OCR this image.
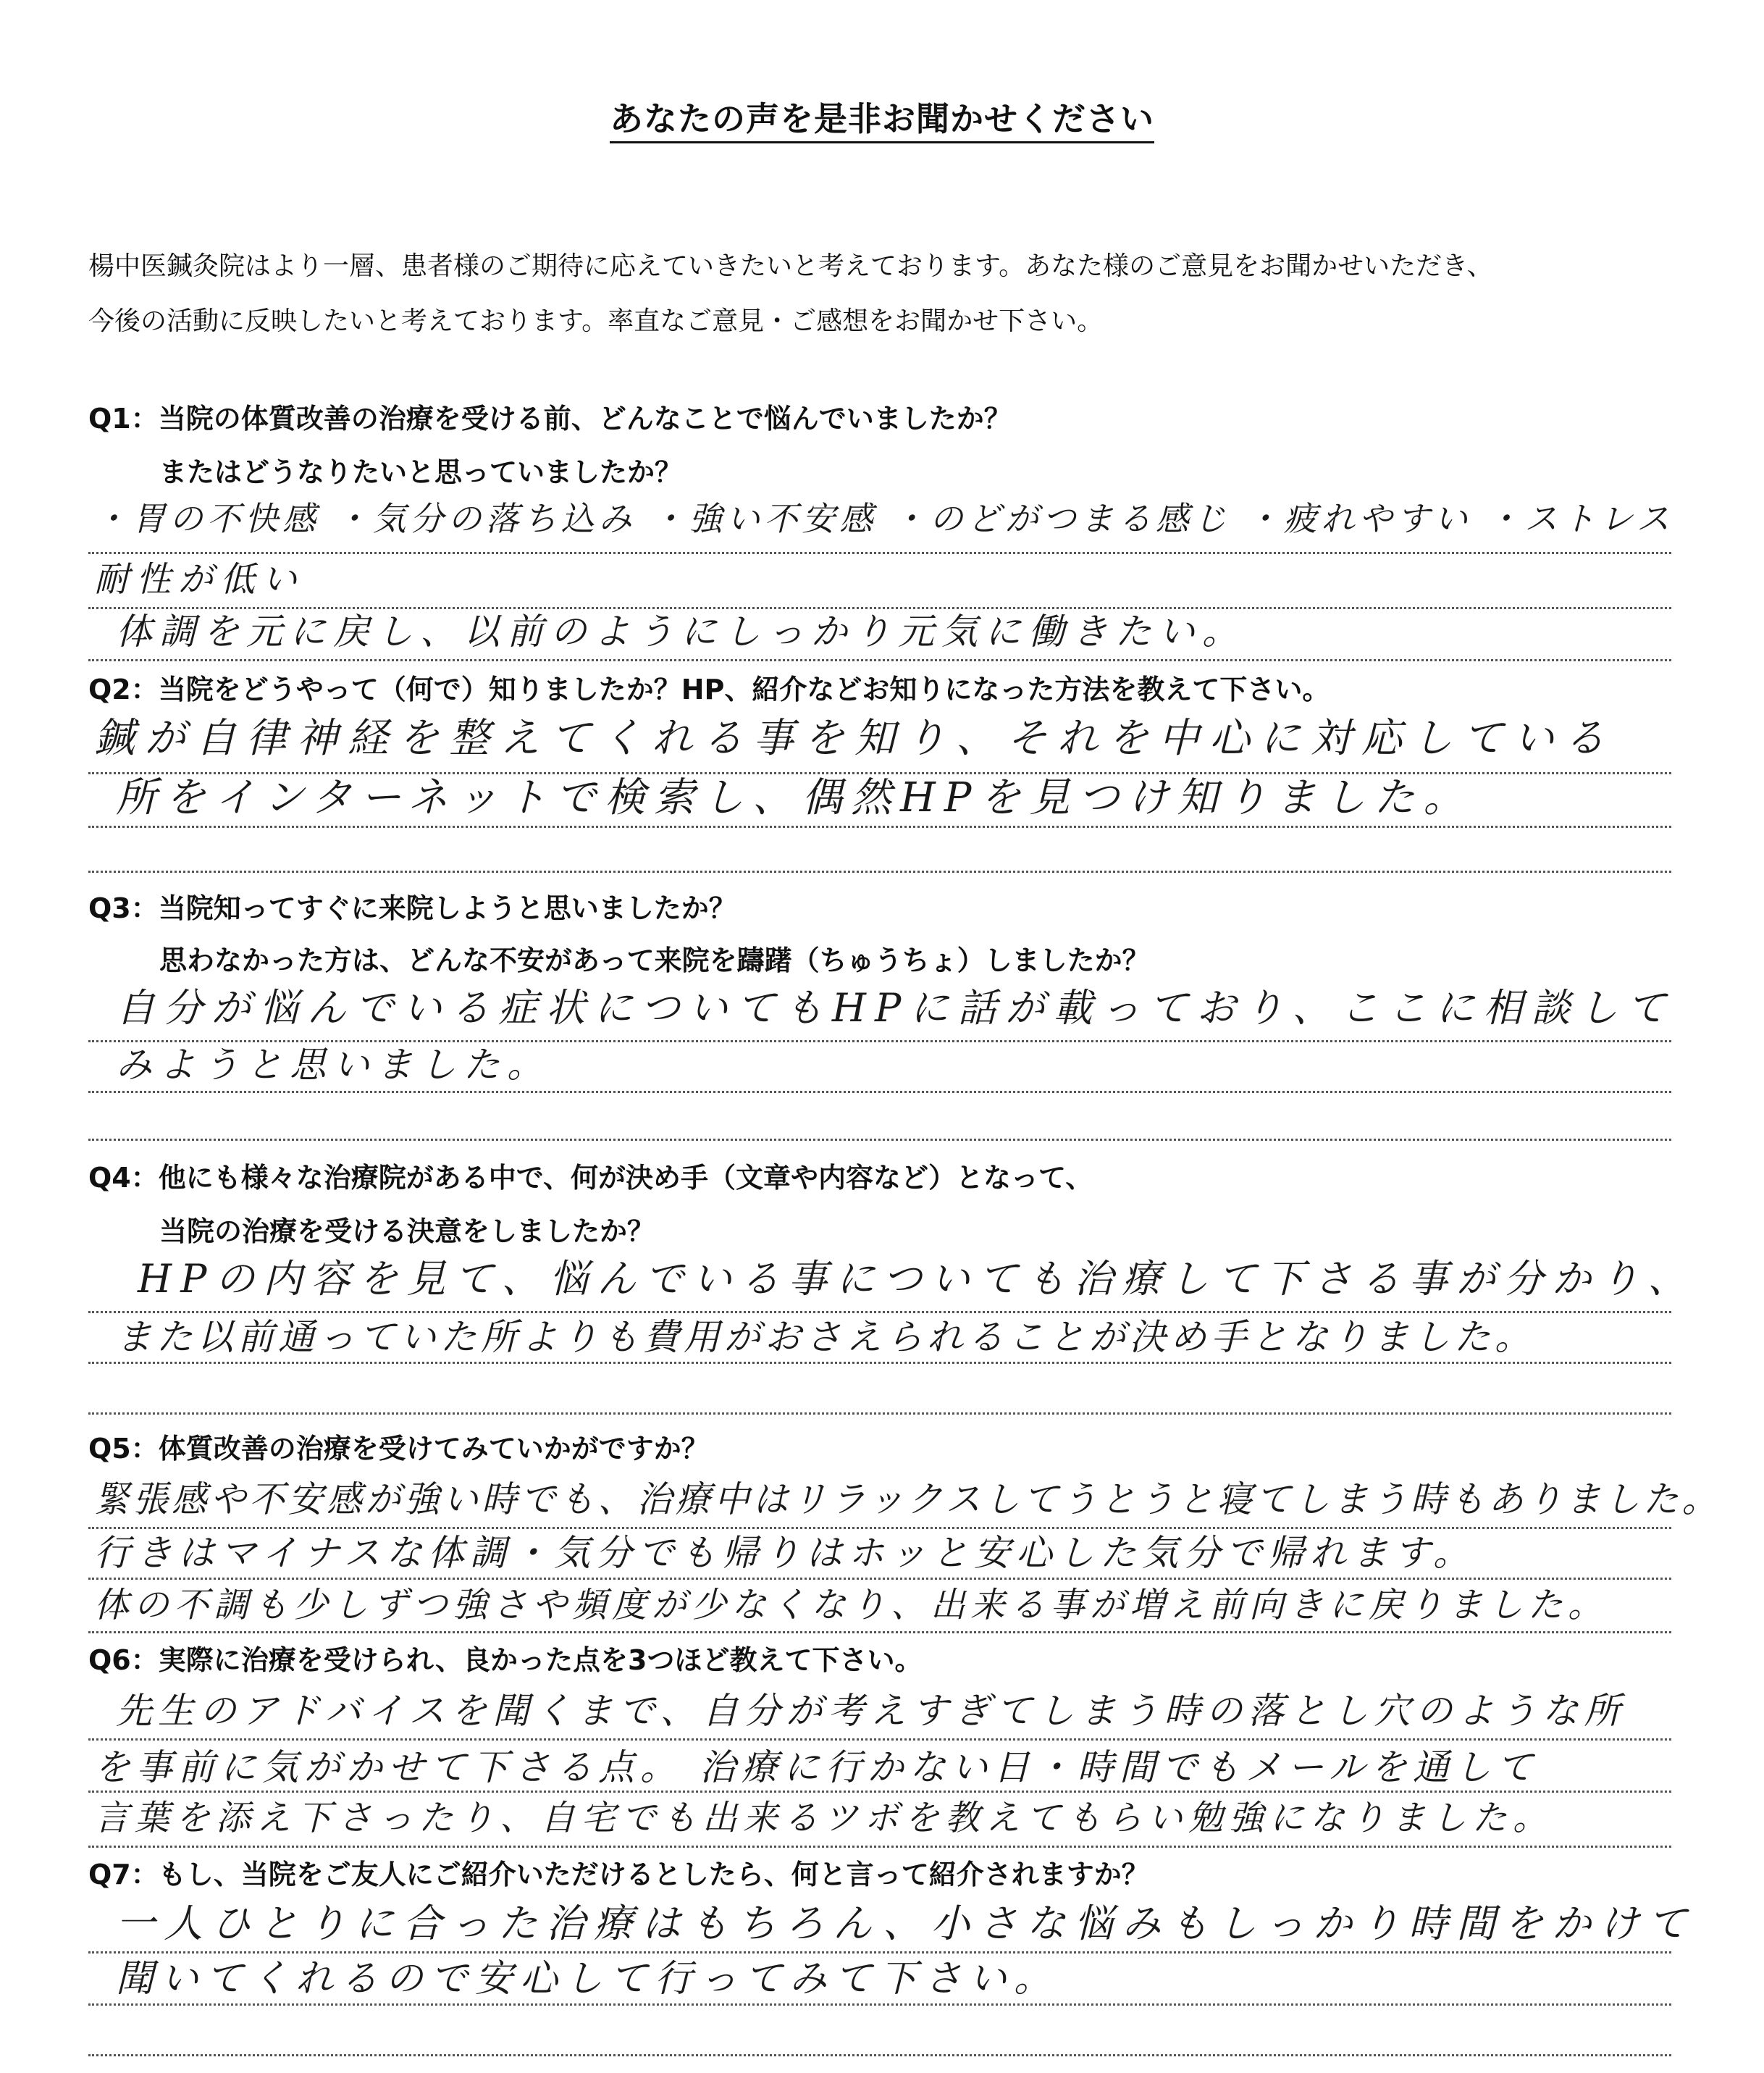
あなたの声を是非お聞かせください
楊中医鍼灸院はより一層、患者様のご期待に応えていきたいと考えております。あなた様のご意見をお聞かせいただき、
今後の活動に反映したいと考えております。率直なご意見・ご感想をお聞かせ下さい。
Q1：当院の体質改善の治療を受ける前、どんなことで悩んでいましたか？
またはどうなりたいと思っていましたか？
・胃の不快感 ・気分の落ち込み ・強い不安感 ・のどがつまる感じ ・疲れやすい ・ストレス
耐性が低い
体調を元に戻し、以前のようにしっかり元気に働きたい。
Q2：当院をどうやって（何で）知りましたか？HP、紹介などお知りになった方法を教えて下さい。
鍼が自律神経を整えてくれる事を知り、それを中心に対応している
所をインターネットで検索し、偶然HPを見つけ知りました。
Q3：当院知ってすぐに来院しようと思いましたか？
思わなかった方は、どんな不安があって来院を躊躇（ちゅうちょ）しましたか？
自分が悩んでいる症状についてもHPに話が載っており、ここに相談して
みようと思いました。
Q4：他にも様々な治療院がある中で、何が決め手（文章や内容など）となって、
当院の治療を受ける決意をしましたか？
HPの内容を見て、悩んでいる事についても治療して下さる事が分かり、
また以前通っていた所よりも費用がおさえられることが決め手となりました。
Q5：体質改善の治療を受けてみていかがですか？
緊張感や不安感が強い時でも、治療中はリラックスしてうとうと寝てしまう時もありました。
行きはマイナスな体調・気分でも帰りはホッと安心した気分で帰れます。
体の不調も少しずつ強さや頻度が少なくなり、出来る事が増え前向きに戻りました。
Q6：実際に治療を受けられ、良かった点を3つほど教えて下さい。
先生のアドバイスを聞くまで、自分が考えすぎてしまう時の落とし穴のような所
を事前に気がかせて下さる点。 治療に行かない日・時間でもメールを通して
言葉を添え下さったり、自宅でも出来るツボを教えてもらい勉強になりました。
Q7：もし、当院をご友人にご紹介いただけるとしたら、何と言って紹介されますか？
一人ひとりに合った治療はもちろん、小さな悩みもしっかり時間をかけて
聞いてくれるので安心して行ってみて下さい。
